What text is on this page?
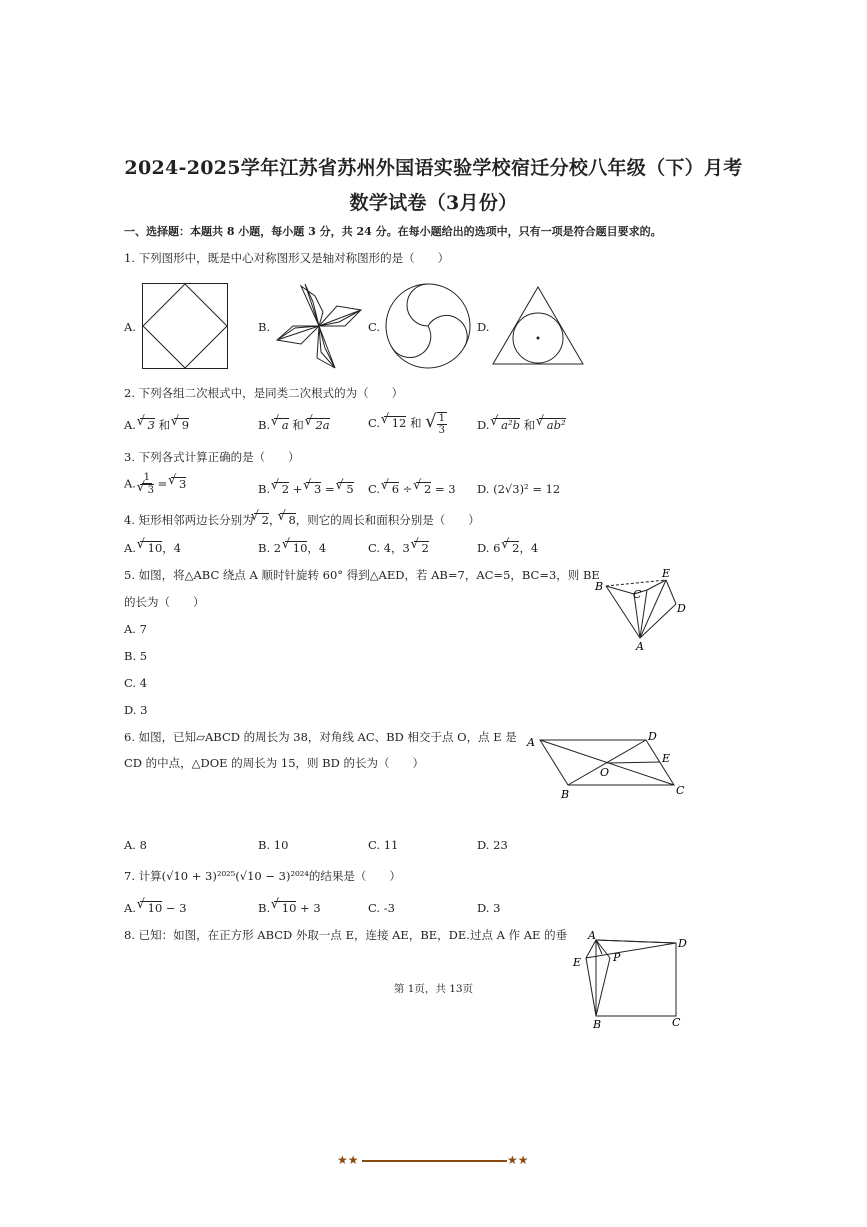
2024-2025学年江苏省苏州外国语实验学校宿迁分校八年级（下）月考
数学试卷（3月份）
一、选择题：本题共 8 小题，每小题 3 分，共 24 分。在每小题给出的选项中，只有一项是符合题目要求的。
1. 下列图形中，既是中心对称图形又是轴对称图形的是（　　）
A.	B.	C.	D.
2. 下列各组二次根式中，是同类二次根式的为（　　）
A. √ 3 和 √ 9	B. √ a 和 √ 2a	C. √ 12 和 √ $\frac{1}{3}$	D. √ a²b 和 √ ab²
3. 下列各式计算正确的是（　　）
A. 1
√ 3 = √ 3	B. √ 2 + √ 3 = √ 5 C. √ 6 ÷ √ 2 = 3 D. (2√3)² = 12
4. 矩形相邻两边长分别为 √ 2， √ 8，则它的周长和面积分别是（　　）
A. √ 10，4	B. 2 √ 10，4	C. 4，3 √ 2	D. 6 √ 2，4
5. 如图，将△ABC 绕点 A 顺时针旋转 60° 得到△AED，若 AB=7，AC=5，BC=3，则 BE
的长为（　　）
A. 7
B. 5
C. 4
D. 3
B
C
E
D
A
6. 如图，已知▱ABCD 的周长为 38，对角线 AC、BD 相交于点 O，点 E 是
CD 的中点，△DOE 的周长为 15，则 BD 的长为（　　）
A. 8	B. 10	C. 11	D. 23
A	D
E
O
B	C
7. 计算(√10 + 3)²⁰²⁵(√10 − 3)²⁰²⁴的结果是（　　）
A. √ 10 − 3	B. √ 10 + 3	C. -3	D. 3
8. 已知：如图，在正方形 ABCD 外取一点 E，连接 AE，BE，DE.过点 A 作 AE 的垂 A
D
E	P
B	C
第 1页，共 13页
★★	★★
